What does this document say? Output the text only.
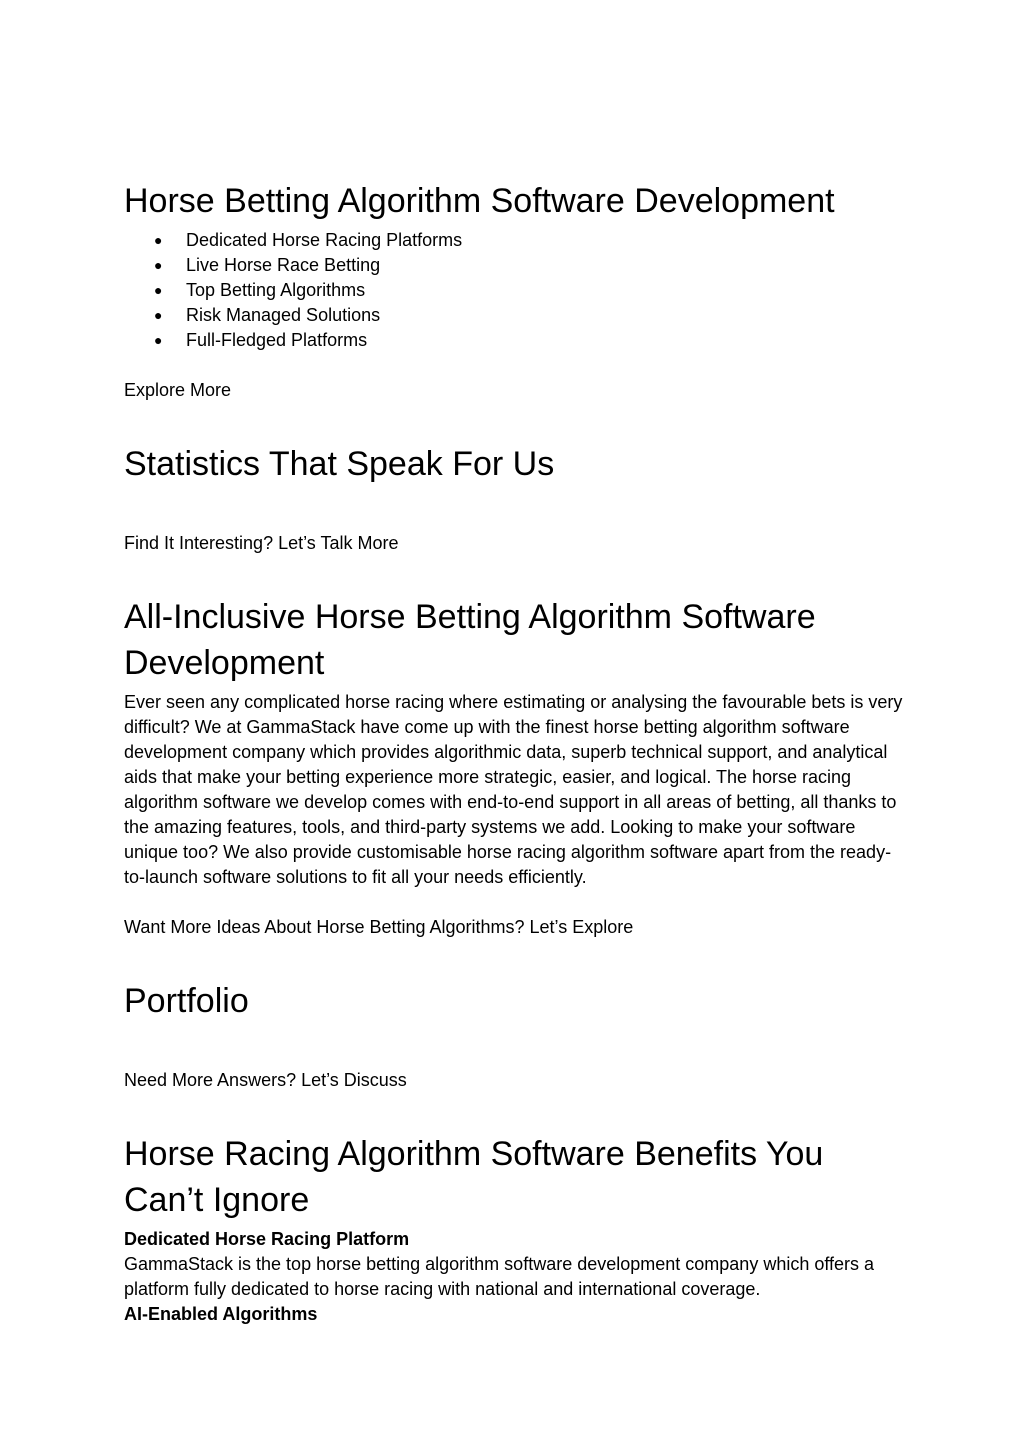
Horse Betting Algorithm Software Development
● Dedicated Horse Racing Platforms
● Live Horse Race Betting
● Top Betting Algorithms
● Risk Managed Solutions
● Full-Fledged Platforms

Explore More

Statistics That Speak For Us

Find It Interesting? Let’s Talk More

All-Inclusive Horse Betting Algorithm Software Development

Ever seen any complicated horse racing where estimating or analysing the favourable bets is very difficult? We at GammaStack have come up with the finest horse betting algorithm software development company which provides algorithmic data, superb technical support, and analytical aids that make your betting experience more strategic, easier, and logical. The horse racing algorithm software we develop comes with end-to-end support in all areas of betting, all thanks to the amazing features, tools, and third-party systems we add. Looking to make your software unique too? We also provide customisable horse racing algorithm software apart from the ready-to-launch software solutions to fit all your needs efficiently.

Want More Ideas About Horse Betting Algorithms? Let’s Explore

Portfolio

Need More Answers? Let’s Discuss

Horse Racing Algorithm Software Benefits You Can’t Ignore

Dedicated Horse Racing Platform

GammaStack is the top horse betting algorithm software development company which offers a platform fully dedicated to horse racing with national and international coverage.

AI-Enabled Algorithms
